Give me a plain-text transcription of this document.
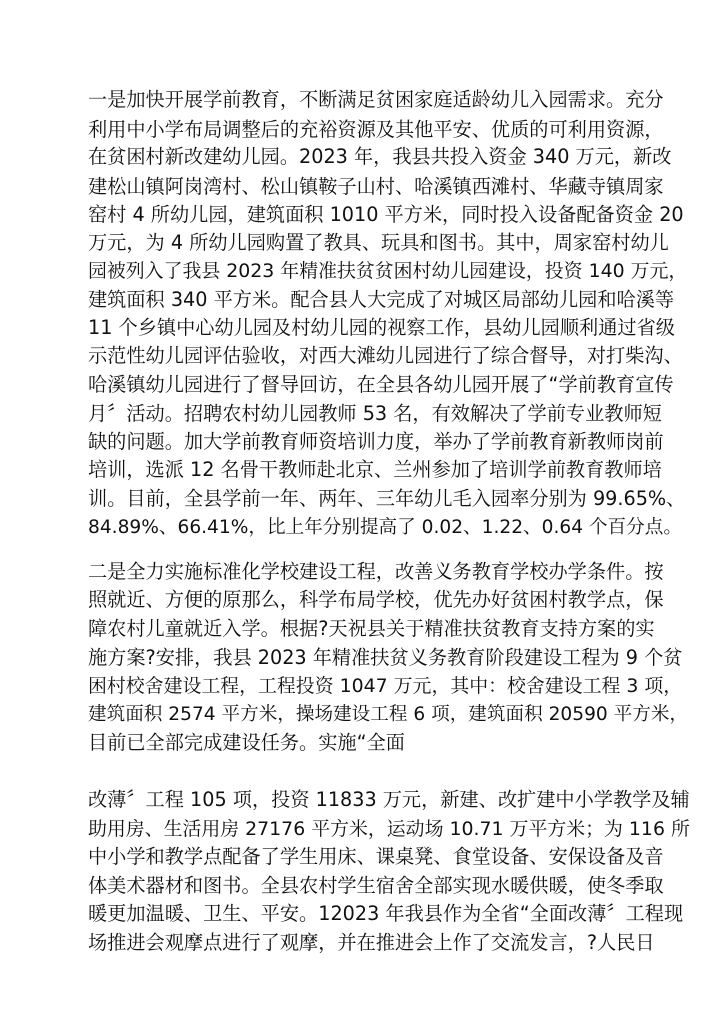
一是加快开展学前教育，不断满足贫困家庭适龄幼儿入园需求。充分
利用中小学布局调整后的充裕资源及其他平安、优质的可利用资源，
在贫困村新改建幼儿园。2023 年，我县共投入资金 340 万元，新改
建松山镇阿岗湾村、松山镇鞍子山村、哈溪镇西滩村、华藏寺镇周家
窑村 4 所幼儿园，建筑面积 1010 平方米，同时投入设备配备资金 20
万元，为 4 所幼儿园购置了教具、玩具和图书。其中，周家窑村幼儿
园被列入了我县 2023 年精准扶贫贫困村幼儿园建设，投资 140 万元，
建筑面积 340 平方米。配合县人大完成了对城区局部幼儿园和哈溪等
11 个乡镇中心幼儿园及村幼儿园的视察工作，县幼儿园顺利通过省级
示范性幼儿园评估验收，对西大滩幼儿园进行了综合督导，对打柴沟、
哈溪镇幼儿园进行了督导回访，在全县各幼儿园开展了“学前教育宣传
月〞活动。招聘农村幼儿园教师 53 名，有效解决了学前专业教师短
缺的问题。加大学前教育师资培训力度，举办了学前教育新教师岗前
培训，选派 12 名骨干教师赴北京、兰州参加了培训学前教育教师培
训。目前，全县学前一年、两年、三年幼儿毛入园率分别为 99.65%、
84.89%、66.41%，比上年分别提高了 0.02、1.22、0.64 个百分点。
二是全力实施标准化学校建设工程，改善义务教育学校办学条件。按
照就近、方便的原那么，科学布局学校，优先办好贫困村教学点，保
障农村儿童就近入学。根据?天祝县关于精准扶贫教育支持方案的实
施方案?安排，我县 2023 年精准扶贫义务教育阶段建设工程为 9 个贫
困村校舍建设工程，工程投资 1047 万元，其中：校舍建设工程 3 项，
建筑面积 2574 平方米，操场建设工程 6 项，建筑面积 20590 平方米，
目前已全部完成建设任务。实施“全面
改薄〞工程 105 项，投资 11833 万元，新建、改扩建中小学教学及辅
助用房、生活用房 27176 平方米，运动场 10.71 万平方米；为 116 所
中小学和教学点配备了学生用床、课桌凳、食堂设备、安保设备及音
体美术器材和图书。全县农村学生宿舍全部实现水暖供暖，使冬季取
暖更加温暖、卫生、平安。12023 年我县作为全省“全面改薄〞工程现
场推进会观摩点进行了观摩，并在推进会上作了交流发言，?人民日
